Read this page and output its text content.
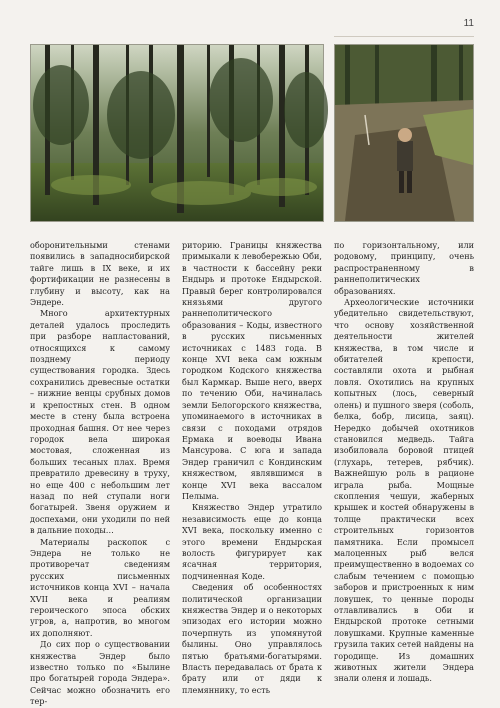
11

оборонительными стенами появились в западносибирской тайге лишь в IX веке, и их фортификации не разнесены в глубину и высоту, как на Эндере.

Много архитектурных деталей удалось проследить при разборе напластований, относящихся к самому позднему периоду существования городка. Здесь сохранились древесные остатки – нижние венцы срубных домов и крепостных стен. В одном месте в стену была встроена проходная башня. От нее через городок вела широкая мостовая, сложенная из больших тесаных плах. Время превратило древесину в труху, но еще 400 с небольшим лет назад по ней ступали ноги богатырей. Звеня оружием и доспехами, они уходили по ней в дальние походы…

Материалы раскопок с Эндера не только не противоречат сведениям русских письменных источников конца XVI – начала XVII века и реалиям героического эпоса обских угров, а, напротив, во многом их дополняют.

До сих пор о существовании княжества Эндер было известно только по «Былине про богатырей города Эндера». Сейчас можно обозначить его тер-

риторию. Границы княжества примыкали к левобережью Оби, в частности к бассейну реки Ендырь и протоке Ендырской. Правый берег контролировался князьями другого раннеполитического образования – Коды, известного в русских письменных источниках с 1483 года. В конце XVI века сам южным городком Кодского княжества был Кармкар. Выше него, вверх по течению Оби, начиналась земли Белогорского княжества, упоминаемого в источниках в связи с походами отрядов Ермака и воеводы Ивана Мансурова. С юга и запада Эндер граничил с Кондинским княжеством, являвшимся в конце XVI века вассалом Пелыма.

Княжество Эндер утратило независимость еще до конца XVI века, поскольку именно с этого времени Ендырская волость фигурирует как ясачная территория, подчиненная Коде.

Сведения об особенностях политической организации княжества Эндер и о некоторых эпизодах его истории можно почерпнуть из упомянутой былины. Оно управлялось пятью братьями-богатырями. Власть передавалась от брата к брату или от дяди к племяннику, то есть

по горизонтальному, или родовому, принципу, очень распространенному в раннеполитических образованиях.

Археологические источники убедительно свидетельствуют, что основу хозяйственной деятельности жителей княжества, в том числе и обитателей крепости, составляли охота и рыбная ловля. Охотились на крупных копытных (лось, северный олень) и пушного зверя (соболь, белка, бобр, лисица, заяц). Нередко добычей охотников становился медведь. Тайга изобиловала боровой птицей (глухарь, тетерев, рябчик). Важнейшую роль в рационе играла рыба. Мощные скопления чешуи, жаберных крышек и костей обнаружены в толще практически всех строительных горизонтов памятника. Если промысел малоценных рыб велся преимущественно в водоемах со слабым течением с помощью заборов и пристроенных к ним ловушек, то ценные породы отлавливались в Оби и Ендырской протоке сетными ловушками. Крупные каменные грузила таких сетей найдены на городище. Из домашних животных жители Эндера знали оленя и лошадь.
